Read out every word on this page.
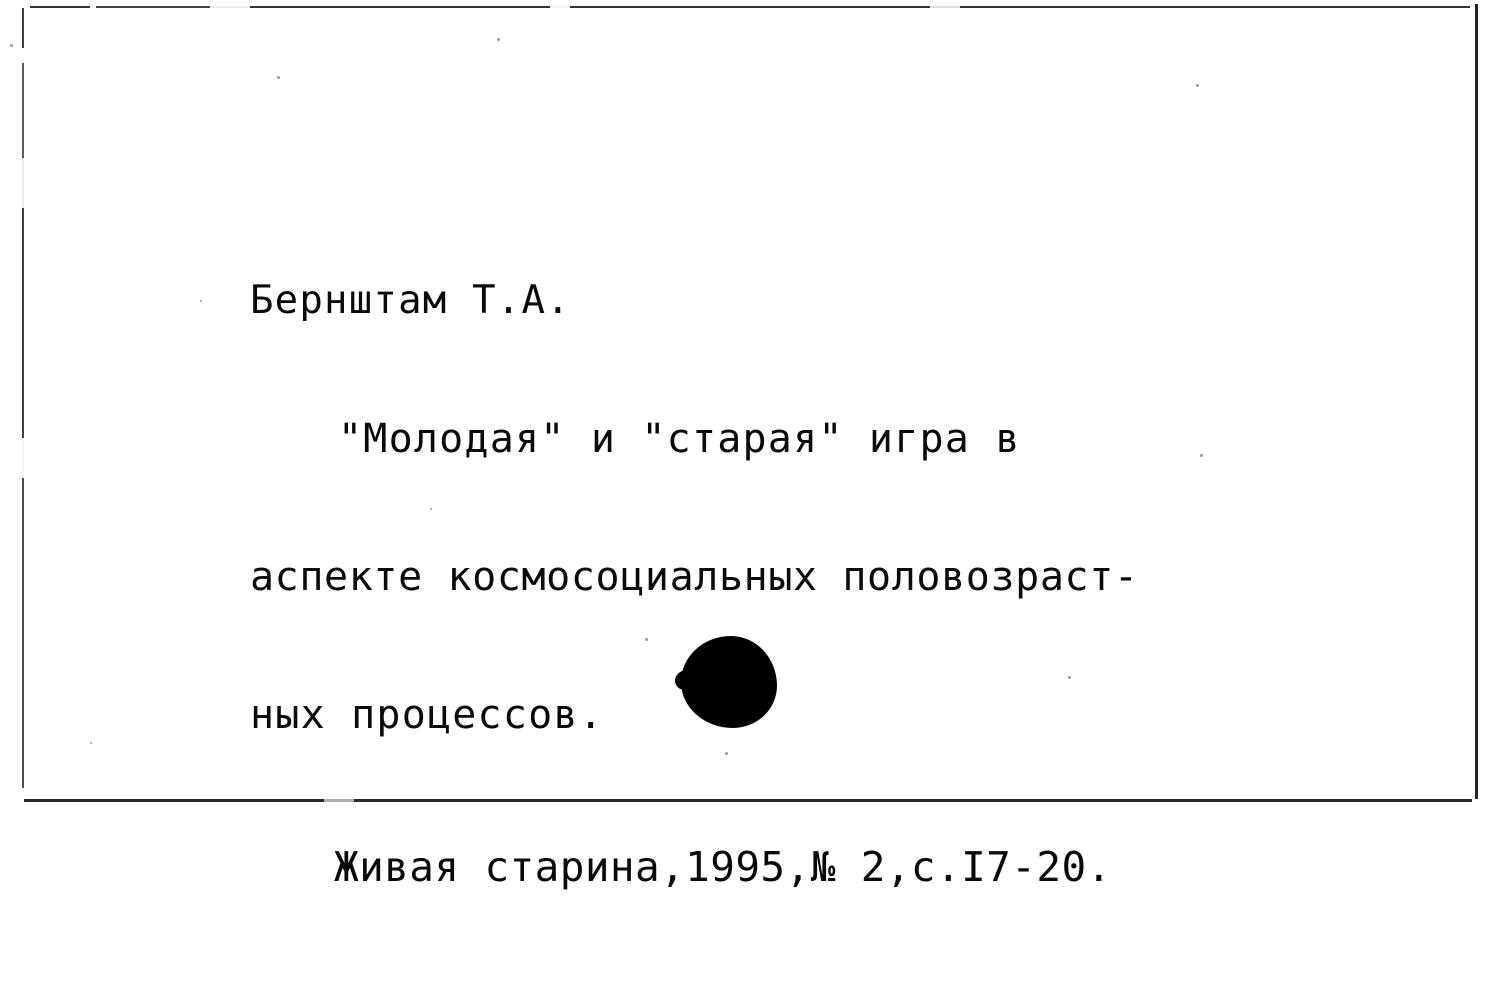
Бернштам Т.А.

"Молодая" и "старая" игра в

аспекте космосоциальных половозраст-

ных процессов.

Живая старина,1995,№ 2,с.I7-20.
